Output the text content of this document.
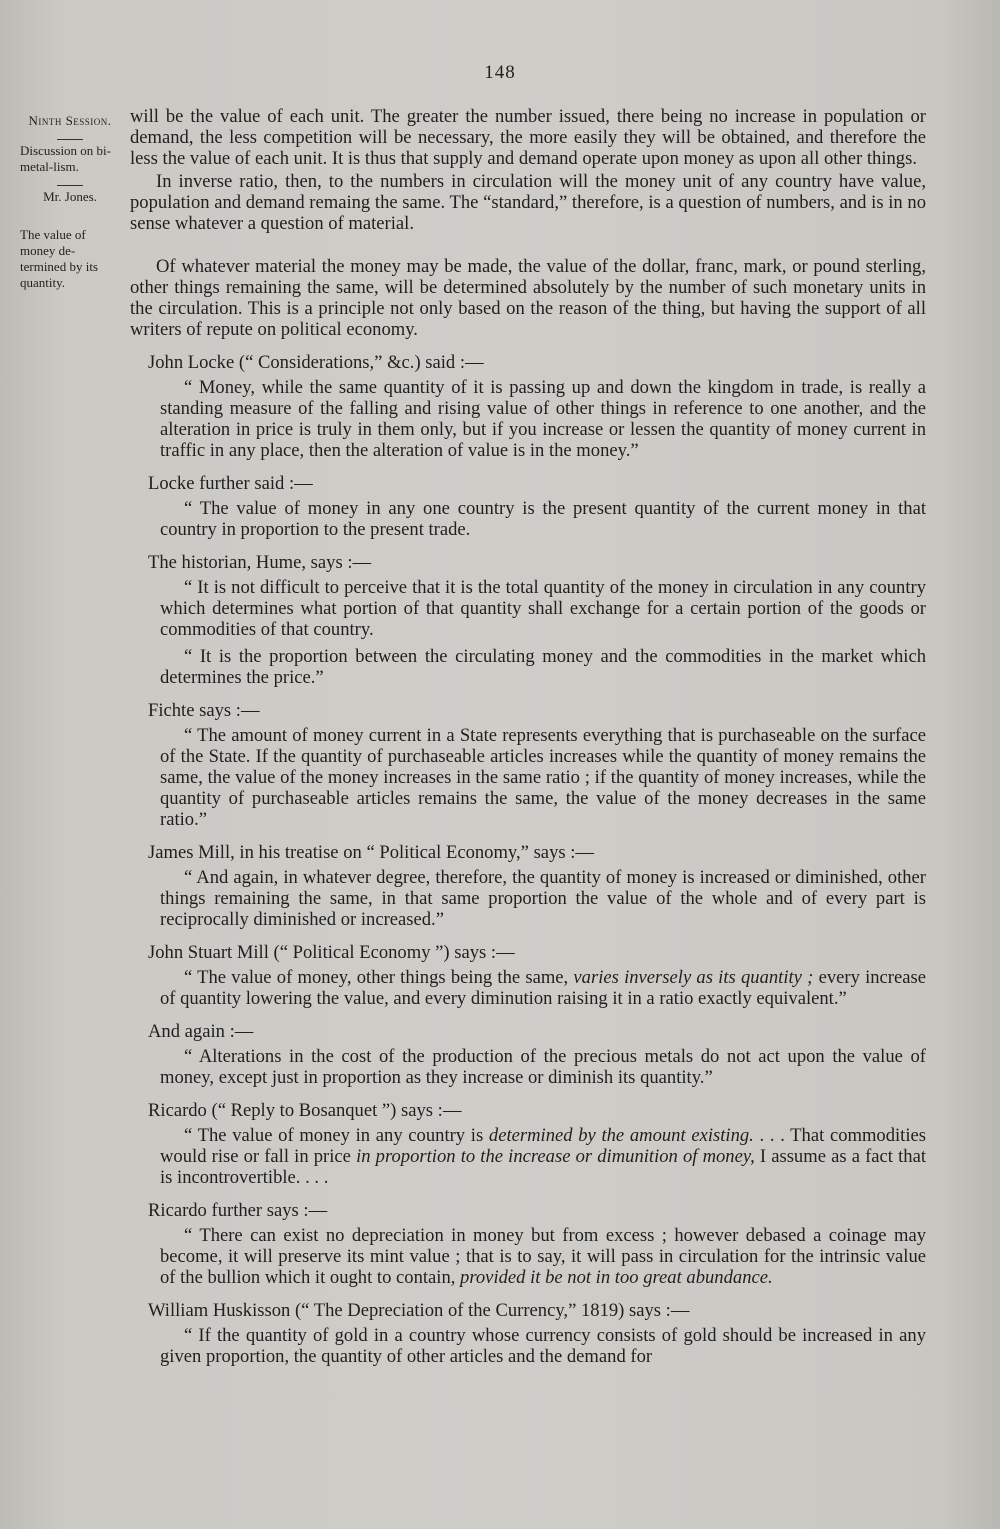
148
Ninth Session.
Discussion on bi-metal-lism.
Mr. Jones.
The value of money de-termined by its quantity.

will be the value of each unit. The greater the number issued, there being no increase in population or demand, the less competition will be necessary, the more easily they will be obtained, and therefore the less the value of each unit. It is thus that supply and demand operate upon money as upon all other things.

In inverse ratio, then, to the numbers in circulation will the money unit of any country have value, population and demand remaing the same. The “standard,” therefore, is a question of numbers, and is in no sense whatever a question of material.

Of whatever material the money may be made, the value of the dollar, franc, mark, or pound sterling, other things remaining the same, will be determined absolutely by the number of such monetary units in the circulation. This is a principle not only based on the reason of the thing, but having the support of all writers of repute on political economy.

John Locke (“ Considerations,” &c.) said :—

“ Money, while the same quantity of it is passing up and down the kingdom in trade, is really a standing measure of the falling and rising value of other things in reference to one another, and the alteration in price is truly in them only, but if you increase or lessen the quantity of money current in traffic in any place, then the alteration of value is in the money.”

Locke further said :—

“ The value of money in any one country is the present quantity of the current money in that country in proportion to the present trade.

The historian, Hume, says :—

“ It is not difficult to perceive that it is the total quantity of the money in circulation in any country which determines what portion of that quantity shall exchange for a certain portion of the goods or commodities of that country.

“ It is the proportion between the circulating money and the commodities in the market which determines the price.”

Fichte says :—

“ The amount of money current in a State represents everything that is purchaseable on the surface of the State. If the quantity of purchaseable articles increases while the quantity of money remains the same, the value of the money increases in the same ratio ; if the quantity of money increases, while the quantity of purchaseable articles remains the same, the value of the money decreases in the same ratio.”

James Mill, in his treatise on “ Political Economy,” says :—

“ And again, in whatever degree, therefore, the quantity of money is increased or diminished, other things remaining the same, in that same proportion the value of the whole and of every part is reciprocally diminished or increased.”

John Stuart Mill (“ Political Economy ”) says :—

“ The value of money, other things being the same, varies inversely as its quantity ; every increase of quantity lowering the value, and every diminution raising it in a ratio exactly equivalent.”

And again :—

“ Alterations in the cost of the production of the precious metals do not act upon the value of money, except just in proportion as they increase or diminish its quantity.”

Ricardo (“ Reply to Bosanquet ”) says :—

“ The value of money in any country is determined by the amount existing. . . . That commodities would rise or fall in price in proportion to the increase or dimunition of money, I assume as a fact that is incontrovertible. . . .

Ricardo further says :—

“ There can exist no depreciation in money but from excess ; however debased a coinage may become, it will preserve its mint value ; that is to say, it will pass in circulation for the intrinsic value of the bullion which it ought to contain, provided it be not in too great abundance.

William Huskisson (“ The Depreciation of the Currency,” 1819) says :—

“ If the quantity of gold in a country whose currency consists of gold should be increased in any given proportion, the quantity of other articles and the demand for
